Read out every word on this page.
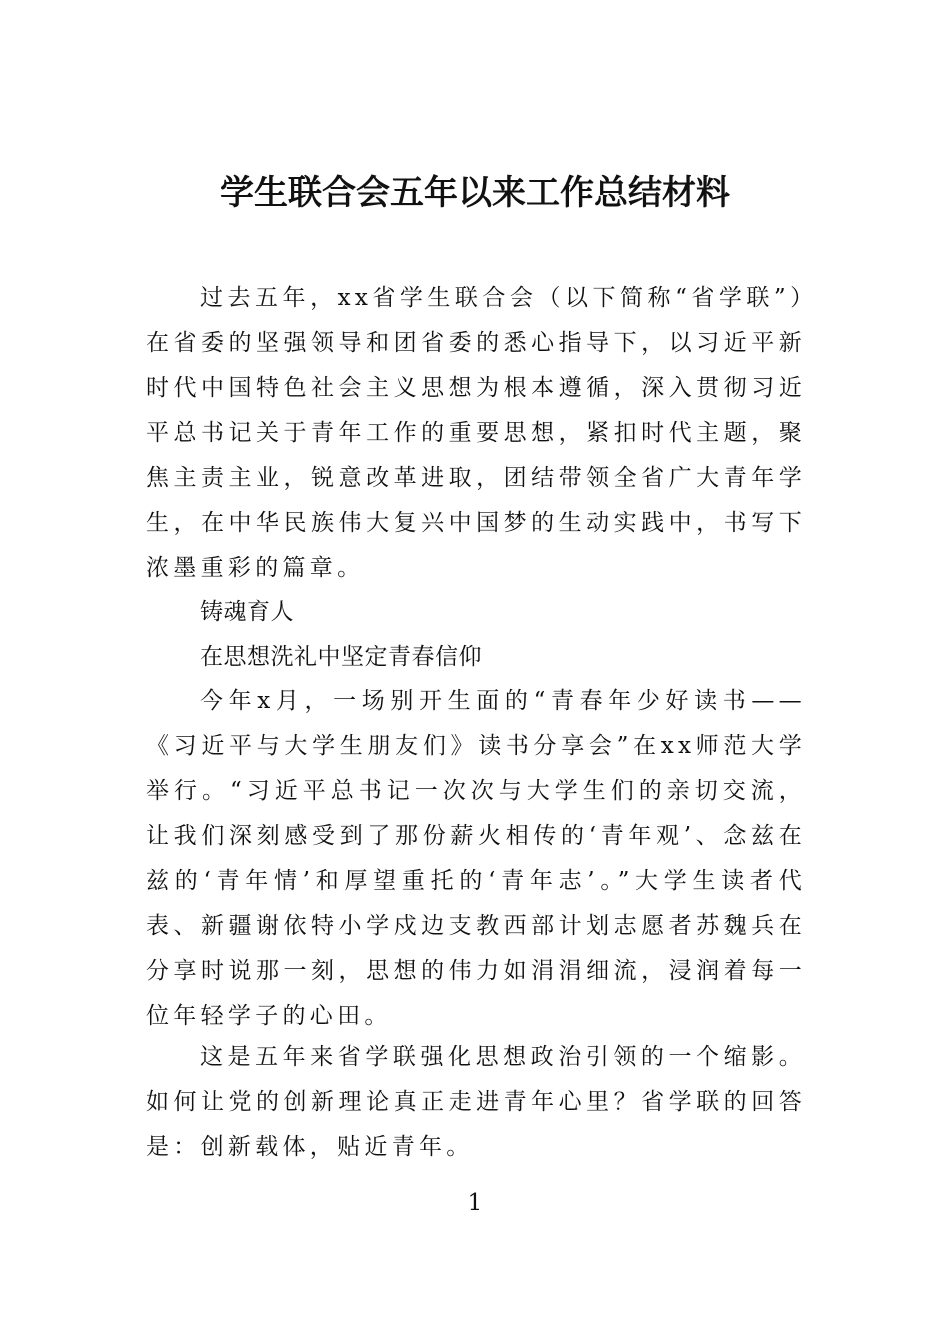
学生联合会五年以来工作总结材料

过去五年，xx省学生联合会（以下简称“省学联”）在省委的坚强领导和团省委的悉心指导下，以习近平新时代中国特色社会主义思想为根本遵循，深入贯彻习近平总书记关于青年工作的重要思想，紧扣时代主题，聚焦主责主业，锐意改革进取，团结带领全省广大青年学生，在中华民族伟大复兴中国梦的生动实践中，书写下浓墨重彩的篇章。

铸魂育人

在思想洗礼中坚定青春信仰

今年x月，一场别开生面的“青春年少好读书——《习近平与大学生朋友们》读书分享会”在xx师范大学举行。“习近平总书记一次次与大学生们的亲切交流，让我们深刻感受到了那份薪火相传的‘青年观’、念兹在兹的‘青年情’和厚望重托的‘青年志’。”大学生读者代表、新疆谢依特小学戍边支教西部计划志愿者苏魏兵在分享时说那一刻，思想的伟力如涓涓细流，浸润着每一位年轻学子的心田。

这是五年来省学联强化思想政治引领的一个缩影。如何让党的创新理论真正走进青年心里？省学联的回答是：创新载体，贴近青年。

1
